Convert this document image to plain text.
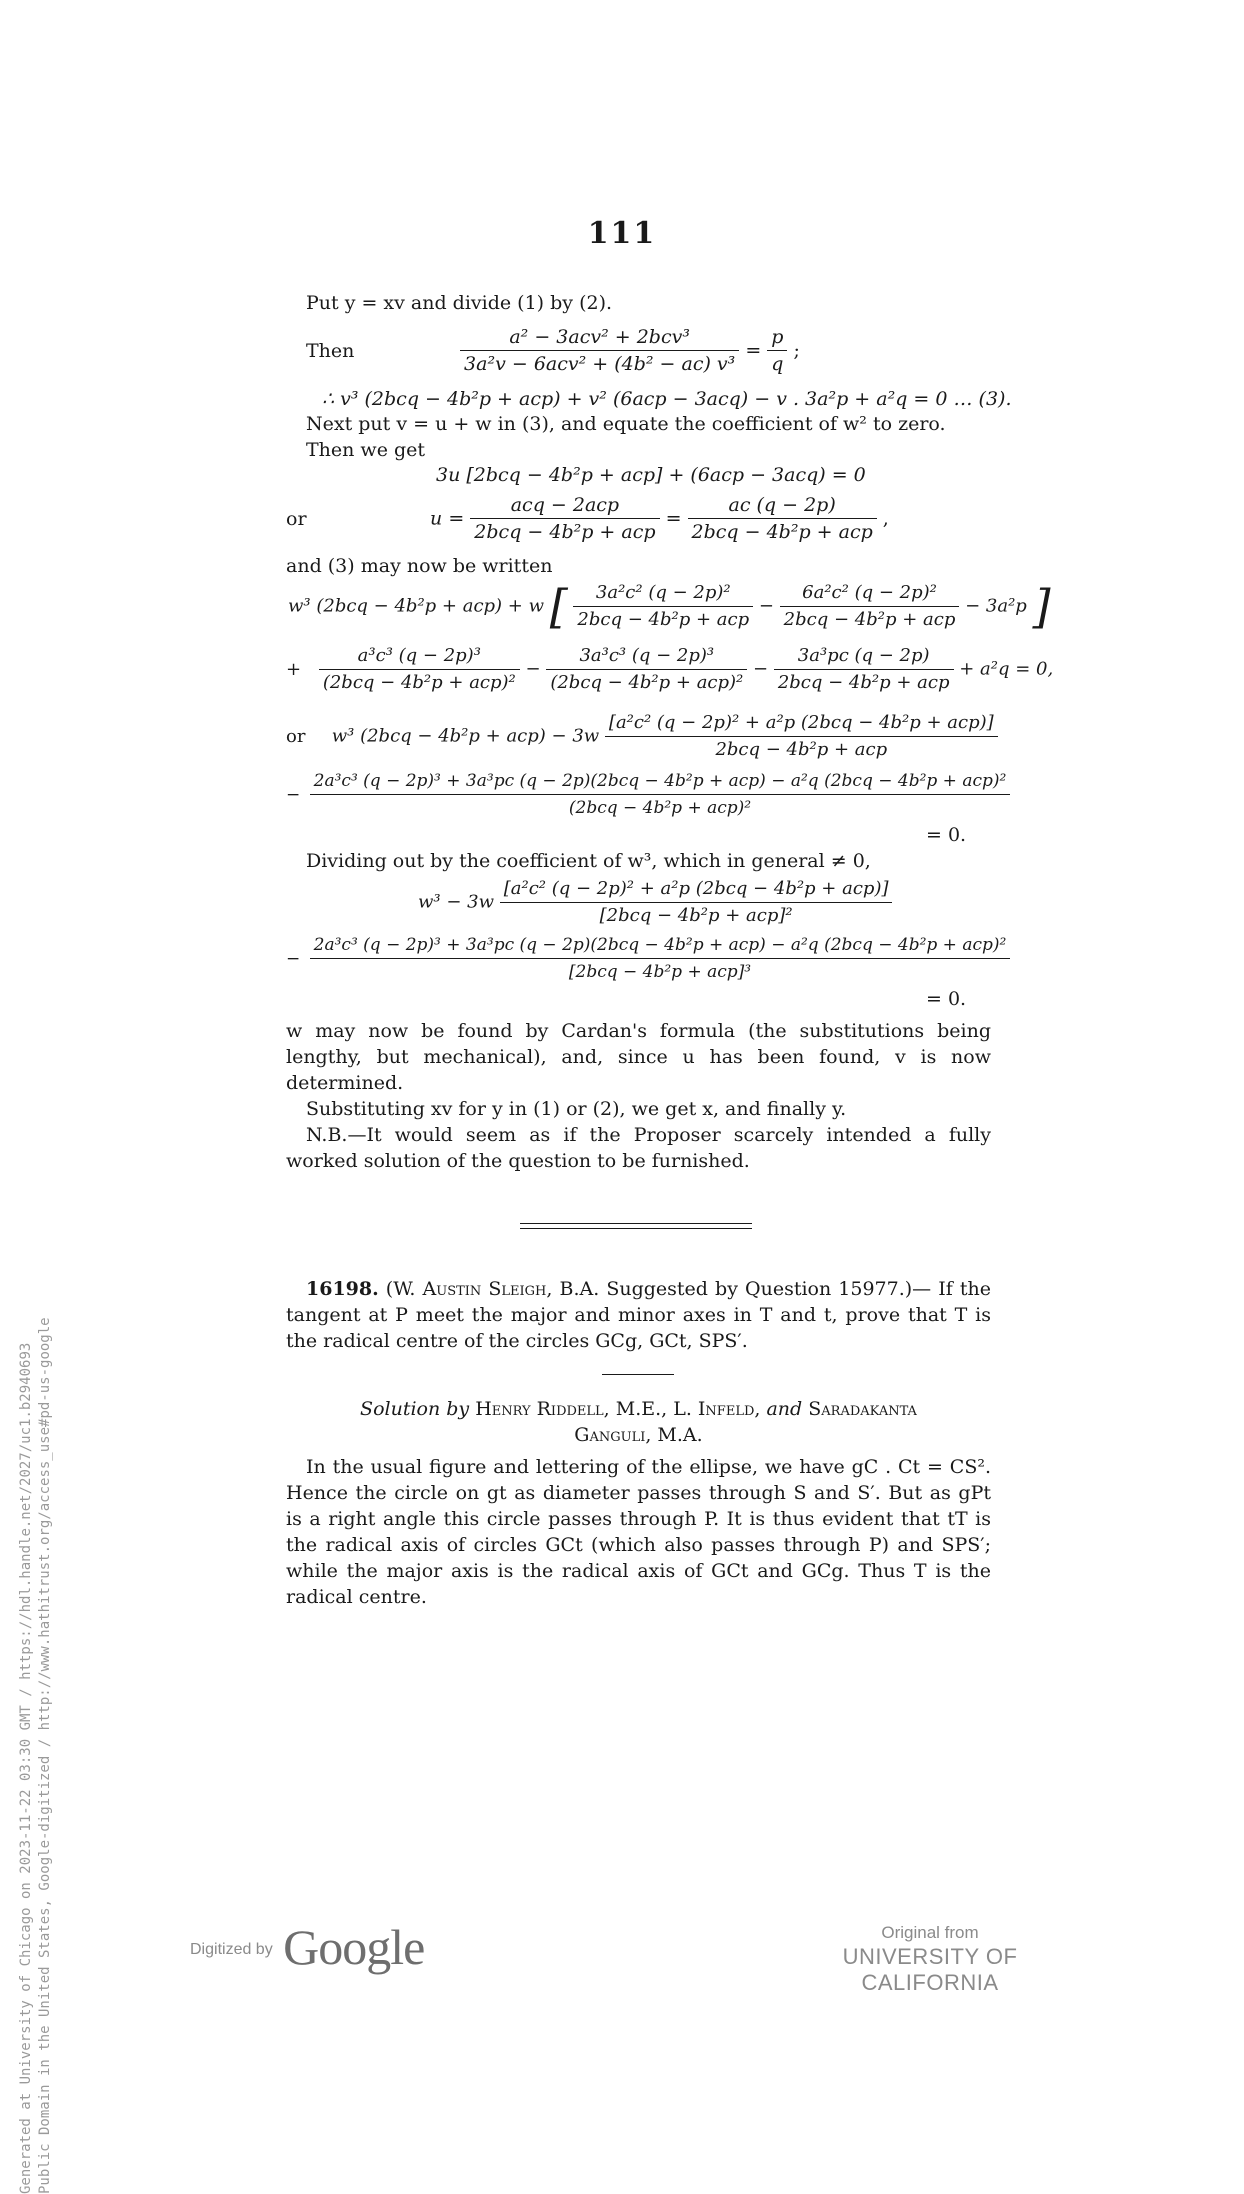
111
Put y = xv and divide (1) by (2).
Then	$\frac{\text{a² − 3acv² + 2bcv³}}{\text{3a²v − 6acv² + (4b² − ac) v³}} = \frac{p}{q}$ ;
∴ v³ (2bcq − 4b²p + acp) + v² (6acp − 3acq) − v . 3a²p + a²q = 0 … (3).
Next put v = u + w in (3), and equate the coefficient of w² to zero.
Then we get
3u [2bcq − 4b²p + acp] + (6acp − 3acq) = 0
or	$u = \frac{\text{acq − 2acp}}{\text{2bcq − 4b²p + acp}} = \frac{ac (q - 2p)}{\text{2bcq − 4b²p + acp}}$ ,
and (3) may now be written
w³ (2bcq − 4b²p + acp) + w [ $\frac{\text{3a²c² (q − 2p)²}}{\text{2bcq − 4b²p + acp}} - \frac{\text{6a²c² (q − 2p)²}}{\text{2bcq − 4b²p + acp}} - 3a^2p$ ]
+ $\frac{\text{a³c³ (q − 2p)³}}{\text{(2bcq − 4b²p + acp)²}} - \frac{\text{3a³c³ (q − 2p)³}}{\text{(2bcq − 4b²p + acp)²}} - \frac{\text{3a³pc (q − 2p)}}{\text{2bcq − 4b²p + acp}} + a^2q = 0$,
or w³ $(2bcq - 4b^2p + acp) - 3w \frac{\text{[a²c² (q − 2p)² + a²p (2bcq − 4b²p + acp)]}}{\text{2bcq − 4b²p + acp}}$
−
2a³c³ (q − 2p)³ + 3a³pc (q − 2p)(2bcq − 4b²p + acp) − a²q (2bcq − 4b²p + acp)²
(2bcq − 4b²p + acp)²
= 0.
Dividing out by the coefficient of w³, which in general ≠ 0,
$w^3 - 3w \frac{\text{[a²c² (q − 2p)² + a²p (2bcq − 4b²p + acp)]}}{\text{[2bcq − 4b²p + acp]²}}$
−
2a³c³ (q − 2p)³ + 3a³pc (q − 2p)(2bcq − 4b²p + acp) − a²q (2bcq − 4b²p + acp)²
[2bcq − 4b²p + acp]³
= 0.
w may now be found by Cardan's formula (the substitutions being lengthy, but mechanical), and, since u has been found, v is now determined.
Substituting xv for y in (1) or (2), we get x, and finally y.
N.B.—It would seem as if the Proposer scarcely intended a fully worked solution of the question to be furnished.
16198. (W. Austin Sleigh, B.A. Suggested by Question 15977.)— If the tangent at P meet the major and minor axes in T and t, prove that T is the radical centre of the circles GCg, GCt, SPS′.
Solution by Henry Riddell, M.E., L. Infeld, and Saradakanta
Ganguli, M.A.
In the usual figure and lettering of the ellipse, we have gC . Ct = CS². Hence the circle on gt as diameter passes through S and S′. But as gPt is a right angle this circle passes through P. It is thus evident that tT is the radical axis of circles GCt (which also passes through P) and SPS′; while the major axis is the radical axis of GCt and GCg. Thus T is the radical centre.
Generated at University of Chicago on 2023-11-22 03:30 GMT / https://hdl.handle.net/2027/uc1.b2940693 Public Domain in the United States, Google-digitized / http://www.hathitrust.org/access_use#pd-us-google	Digitized by Google	Original from
UNIVERSITY OF CALIFORNIA
